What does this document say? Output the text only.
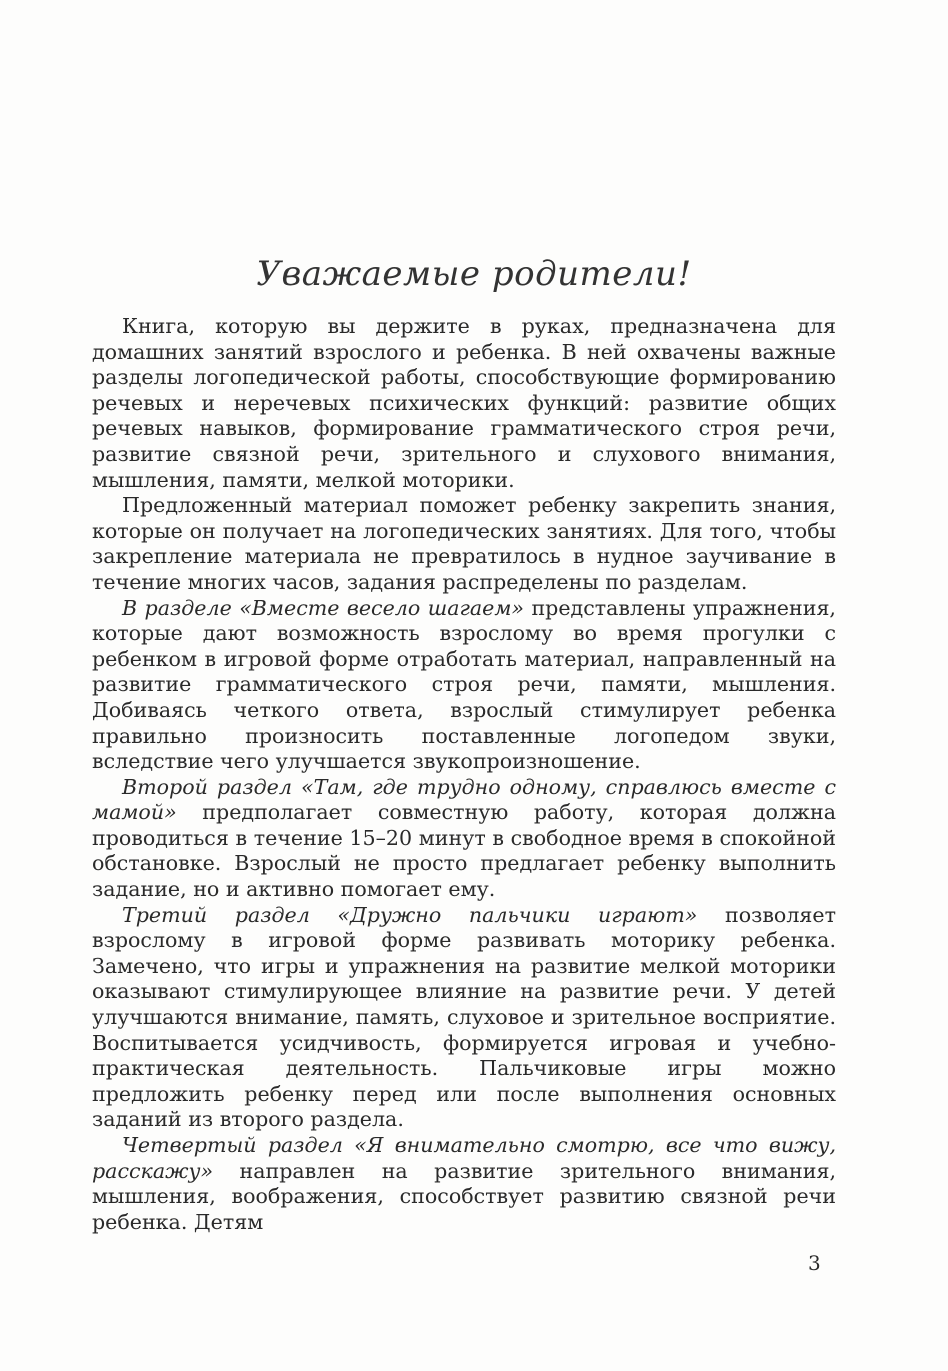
Уважаемые родители!

Книга, которую вы держите в руках, предназначена для домашних занятий взрослого и ребенка. В ней охвачены важные разделы логопедической работы, способствующие формированию речевых и неречевых психических функций: развитие общих речевых навыков, формирование грамматического строя речи, развитие связной речи, зрительного и слухового внимания, мышления, памяти, мелкой моторики.

Предложенный материал поможет ребенку закрепить знания, которые он получает на логопедических занятиях. Для того, чтобы закрепление материала не превратилось в нудное заучивание в течение многих часов, задания распределены по разделам.

В разделе «Вместе весело шагаем» представлены упражнения, которые дают возможность взрослому во время прогулки с ребенком в игровой форме отработать материал, направленный на развитие грамматического строя речи, памяти, мышления. Добиваясь четкого ответа, взрослый стимулирует ребенка правильно произносить поставленные логопедом звуки, вследствие чего улучшается звукопроизношение.

Второй раздел «Там, где трудно одному, справлюсь вместе с мамой» предполагает совместную работу, которая должна проводиться в течение 15–20 минут в свободное время в спокойной обстановке. Взрослый не просто предлагает ребенку выполнить задание, но и активно помогает ему.

Третий раздел «Дружно пальчики играют» позволяет взрослому в игровой форме развивать моторику ребенка. Замечено, что игры и упражнения на развитие мелкой моторики оказывают стимулирующее влияние на развитие речи. У детей улучшаются внимание, память, слуховое и зрительное восприятие. Воспитывается усидчивость, формируется игровая и учебно-практическая деятельность. Пальчиковые игры можно предложить ребенку перед или после выполнения основных заданий из второго раздела.

Четвертый раздел «Я внимательно смотрю, все что вижу, расскажу» направлен на развитие зрительного внимания, мышления, воображения, способствует развитию связной речи ребенка. Детям

3
